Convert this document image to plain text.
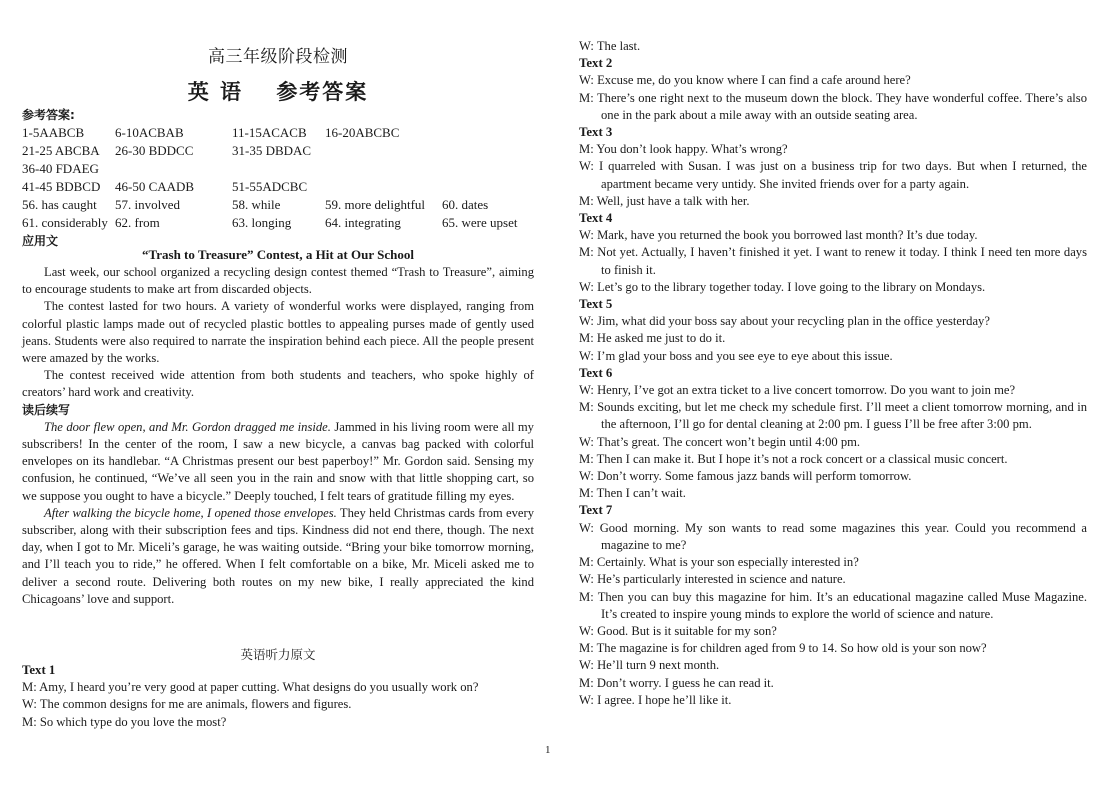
高三年级阶段检测
英 语 参考答案
参考答案:
1-5AABCB 6-10ACBAB	11-15ACACB 16-20ABCBC
21-25 ABCBA 26-30 BDDCC	31-35 DBDAC
36-40 FDAEG
41-45 BDBCD 46-50 CAADB	51-55ADCBC
56. has caught 57. involved	58. while	59. more delightful 60. dates
61. considerably 62. from	63. longing	64. integrating	65. were upset
应用文
“Trash to Treasure” Contest, a Hit at Our School

Last week, our school organized a recycling design contest themed “Trash to Treasure”, aiming to encourage students to make art from discarded objects.

The contest lasted for two hours. A variety of wonderful works were displayed, ranging from colorful plastic lamps made out of recycled plastic bottles to appealing purses made of gently used jeans. Students were also required to narrate the inspiration behind each piece. All the people present were amazed by the works.

The contest received wide attention from both students and teachers, who spoke highly of creators’ hard work and creativity.

读后续写

The door flew open, and Mr. Gordon dragged me inside. Jammed in his living room were all my subscribers! In the center of the room, I saw a new bicycle, a canvas bag packed with colorful envelopes on its handlebar. “A Christmas present our best paperboy!” Mr. Gordon said. Sensing my confusion, he continued, “We’ve all seen you in the rain and snow with that little shopping cart, so we suppose you ought to have a bicycle.” Deeply touched, I felt tears of gratitude filling my eyes.

After walking the bicycle home, I opened those envelopes. They held Christmas cards from every subscriber, along with their subscription fees and tips. Kindness did not end there, though. The next day, when I got to Mr. Miceli’s garage, he was waiting outside. “Bring your bike tomorrow morning, and I’ll teach you to ride,” he offered. When I felt comfortable on a bike, Mr. Miceli asked me to deliver a second route. Delivering both routes on my new bike, I really appreciated the kind Chicagoans’ love and support.

英语听力原文
Text 1
M: Amy, I heard you’re very good at paper cutting. What designs do you usually work on?
W: The common designs for me are animals, flowers and figures.
M: So which type do you love the most?
W: The last.
Text 2
W: Excuse me, do you know where I can find a cafe around here?
M: There’s one right next to the museum down the block. They have wonderful coffee. There’s also one in the park about a mile away with an outside seating area.
Text 3
M: You don’t look happy. What’s wrong?
W: I quarreled with Susan. I was just on a business trip for two days. But when I returned, the apartment became very untidy. She invited friends over for a party again.
M: Well, just have a talk with her.
Text 4
W: Mark, have you returned the book you borrowed last month? It’s due today.
M: Not yet. Actually, I haven’t finished it yet. I want to renew it today. I think I need ten more days to finish it.
W: Let’s go to the library together today. I love going to the library on Mondays.
Text 5
W: Jim, what did your boss say about your recycling plan in the office yesterday?
M: He asked me just to do it.
W: I’m glad your boss and you see eye to eye about this issue.
Text 6
W: Henry, I’ve got an extra ticket to a live concert tomorrow. Do you want to join me?
M: Sounds exciting, but let me check my schedule first. I’ll meet a client tomorrow morning, and in the afternoon, I’ll go for dental cleaning at 2:00 pm. I guess I’ll be free after 3:00 pm.
W: That’s great. The concert won’t begin until 4:00 pm.
M: Then I can make it. But I hope it’s not a rock concert or a classical music concert.
W: Don’t worry. Some famous jazz bands will perform tomorrow.
M: Then I can’t wait.
Text 7
W: Good morning. My son wants to read some magazines this year. Could you recommend a magazine to me?
M: Certainly. What is your son especially interested in?
W: He’s particularly interested in science and nature.
M: Then you can buy this magazine for him. It’s an educational magazine called Muse Magazine. It’s created to inspire young minds to explore the world of science and nature.
W: Good. But is it suitable for my son?
M: The magazine is for children aged from 9 to 14. So how old is your son now?
W: He’ll turn 9 next month.
M: Don’t worry. I guess he can read it.
W: I agree. I hope he’ll like it.
1
